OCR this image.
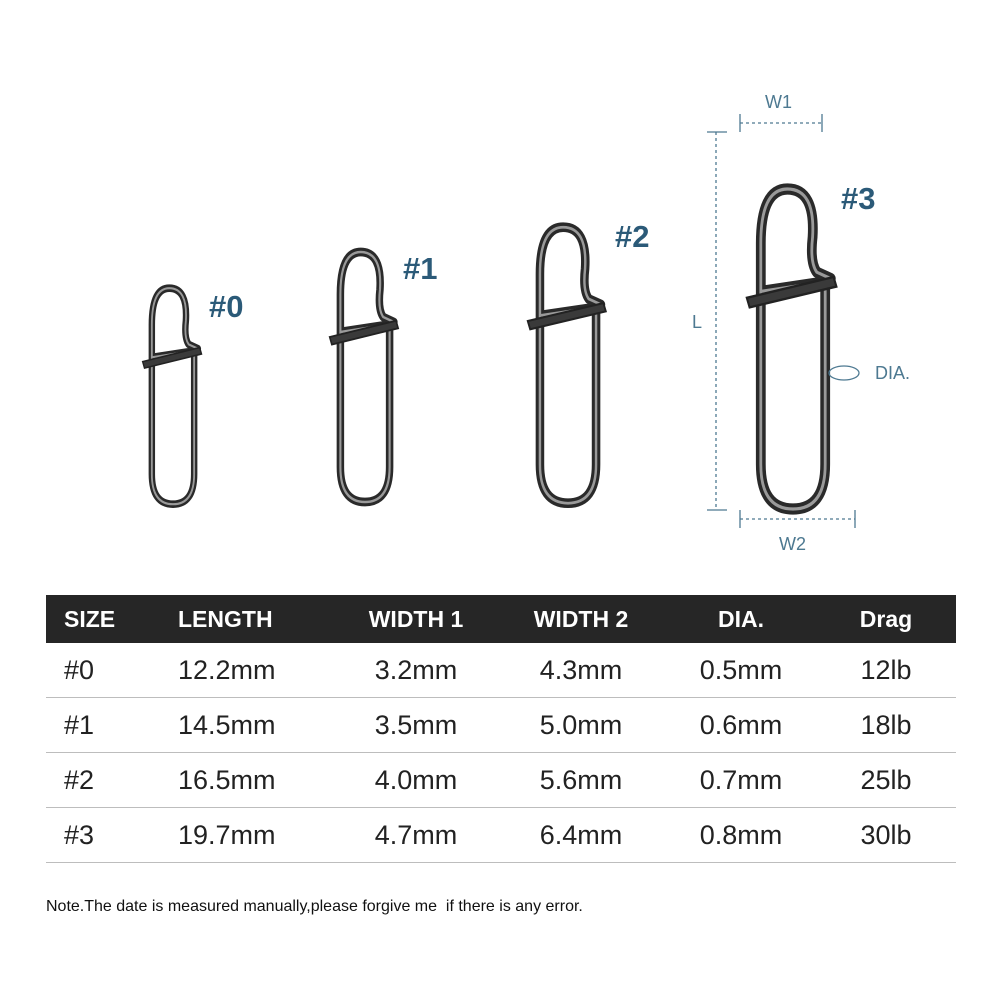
#0
#1
#2
#3
W1
W2
L
DIA.
SIZE	LENGTH	WIDTH 1	WIDTH 2	DIA.	Drag
#0	12.2mm	3.2mm	4.3mm	0.5mm	12lb
#1	14.5mm	3.5mm	5.0mm	0.6mm	18lb
#2	16.5mm	4.0mm	5.6mm	0.7mm	25lb
#3	19.7mm	4.7mm	6.4mm	0.8mm	30lb
Note.The date is measured manually,please forgive me  if there is any error.
